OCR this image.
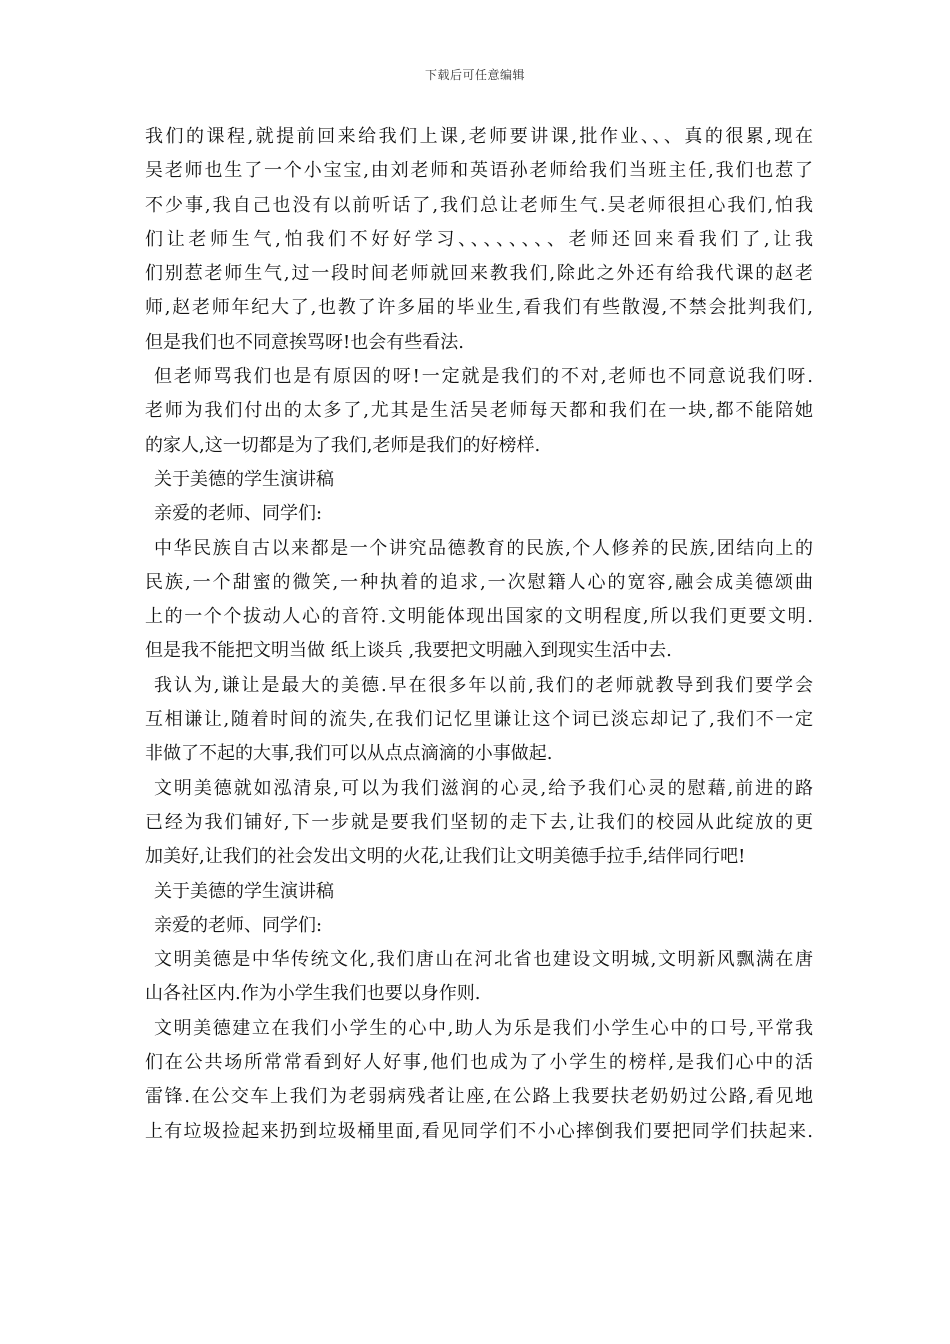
下载后可任意编辑
我们的课程,就提前回来给我们上课,老师要讲课,批作业、、、真的很累,现在
吴老师也生了一个小宝宝,由刘老师和英语孙老师给我们当班主任,我们也惹了
不少事,我自己也没有以前听话了,我们总让老师生气.吴老师很担心我们,怕我
们让老师生气,怕我们不好好学习、、、、、、、、老师还回来看我们了,让我
们别惹老师生气,过一段时间老师就回来教我们,除此之外还有给我代课的赵老
师,赵老师年纪大了,也教了许多届的毕业生,看我们有些散漫,不禁会批判我们,
但是我们也不同意挨骂呀!也会有些看法.
但老师骂我们也是有原因的呀!一定就是我们的不对,老师也不同意说我们呀.
老师为我们付出的太多了,尤其是生活吴老师每天都和我们在一块,都不能陪她
的家人,这一切都是为了我们,老师是我们的好榜样.
关于美德的学生演讲稿
亲爱的老师、同学们:
中华民族自古以来都是一个讲究品德教育的民族,个人修养的民族,团结向上的
民族,一个甜蜜的微笑,一种执着的追求,一次慰籍人心的宽容,融会成美德颂曲
上的一个个拔动人心的音符.文明能体现出国家的文明程度,所以我们更要文明.
但是我不能把文明当做 纸上谈兵 ,我要把文明融入到现实生活中去.
我认为,谦让是最大的美德.早在很多年以前,我们的老师就教导到我们要学会
互相谦让,随着时间的流失,在我们记忆里谦让这个词已淡忘却记了,我们不一定
非做了不起的大事,我们可以从点点滴滴的小事做起.
文明美德就如泓清泉,可以为我们滋润的心灵,给予我们心灵的慰藉,前进的路
已经为我们铺好,下一步就是要我们坚韧的走下去,让我们的校园从此绽放的更
加美好,让我们的社会发出文明的火花,让我们让文明美德手拉手,结伴同行吧!
关于美德的学生演讲稿
亲爱的老师、同学们:
文明美德是中华传统文化,我们唐山在河北省也建设文明城,文明新风飘满在唐
山各社区内.作为小学生我们也要以身作则.
文明美德建立在我们小学生的心中,助人为乐是我们小学生心中的口号,平常我
们在公共场所常常看到好人好事,他们也成为了小学生的榜样,是我们心中的活
雷锋.在公交车上我们为老弱病残者让座,在公路上我要扶老奶奶过公路,看见地
上有垃圾捡起来扔到垃圾桶里面,看见同学们不小心摔倒我们要把同学们扶起来.
